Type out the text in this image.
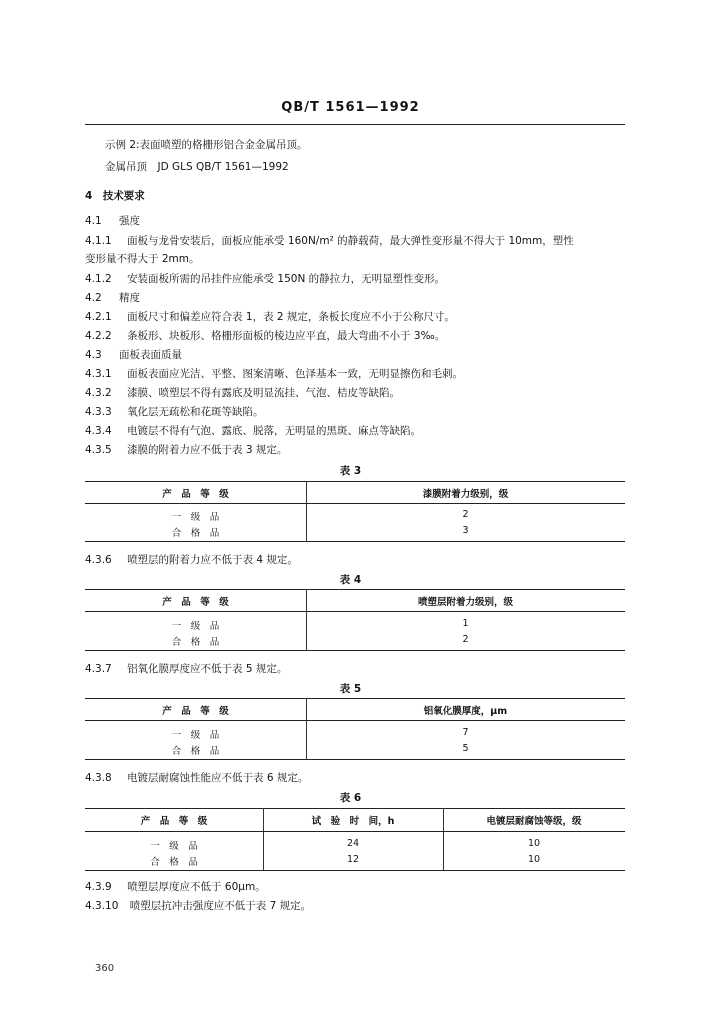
QB/T 1561—1992
示例 2:表面喷塑的格栅形铝合金金属吊顶。
金属吊顶　JD GLS QB/T 1561—1992
4　技术要求
4.1 强度
4.1.1 面板与龙骨安装后，面板应能承受 160N/m² 的静载荷，最大弹性变形量不得大于 10mm，塑性
变形量不得大于 2mm。
4.1.2 安装面板所需的吊挂件应能承受 150N 的静拉力，无明显塑性变形。
4.2 精度
4.2.1 面板尺寸和偏差应符合表 1，表 2 规定，条板长度应不小于公称尺寸。
4.2.2 条板形、块板形、格栅形面板的棱边应平直，最大弯曲不小于 3‰。
4.3 面板表面质量
4.3.1 面板表面应光洁、平整、图案清晰、色泽基本一致，无明显擦伤和毛刺。
4.3.2 漆膜、喷塑层不得有露底及明显流挂、气泡、桔皮等缺陷。
4.3.3 氧化层无疏松和花斑等缺陷。
4.3.4 电镀层不得有气泡、露底、脱落，无明显的黑斑、麻点等缺陷。
4.3.5 漆膜的附着力应不低于表 3 规定。
表 3
产　品　等　级	漆膜附着力级别，级
一　级　品	2
合　格　品	3
4.3.6 喷塑层的附着力应不低于表 4 规定。
表 4
产　品　等　级	喷塑层附着力级别，级
一　级　品	1
合　格　品	2
4.3.7 铝氧化膜厚度应不低于表 5 规定。
表 5
产　品　等　级	铝氧化膜厚度，μm
一　级　品	7
合　格　品	5
4.3.8 电镀层耐腐蚀性能应不低于表 6 规定。
表 6
产　品　等　级	试　验　时　间，h	电镀层耐腐蚀等级，级
一　级　品	24	10
合　格　品	12	10
4.3.9 喷塑层厚度应不低于 60μm。
4.3.10 喷塑层抗冲击强度应不低于表 7 规定。
360
